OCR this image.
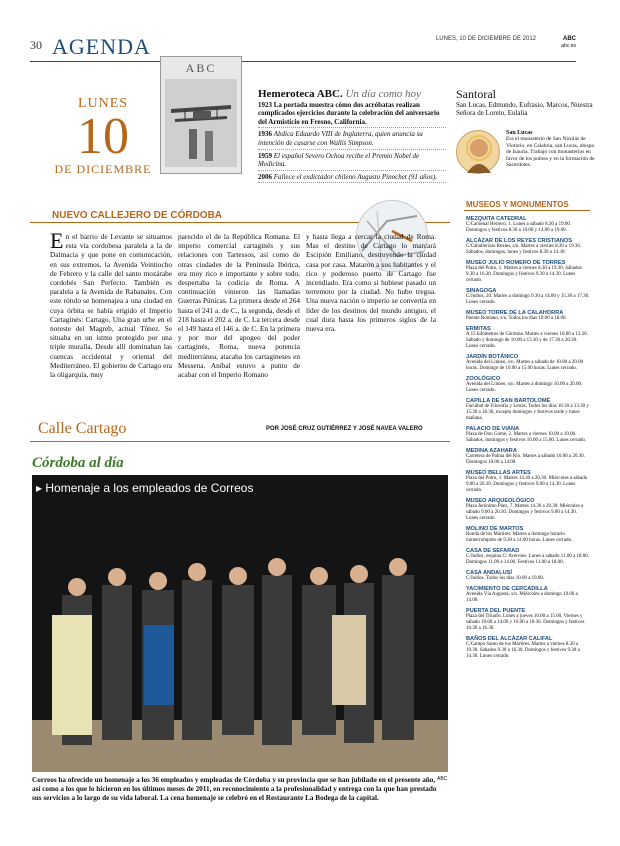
30 AGENDA	LUNES, 10 DE DICIEMBRE DE 2012	ABC
abc.es
LUNES
10
DE DICIEMBRE
ABC
Hemeroteca ABC. Un día como hoy
1923 La portada muestra cómo dos acróbatas realizan complicados ejercicios durante la celebración del aniversario del Armisticio en Fresno, California.
1936 Abdica Eduardo VIII de Inglaterra, quien anuncia su intención de casarse con Wallis Simpson.
1959 El español Severo Ochoa recibe el Premio Nobel de Medicina.
2006 Fallece el exdictador chileno Augusto Pinochet (91 años).
Santoral
San Lucas, Edmundo, Eufrasio, Marcos, Nuestra Señora de Loreto, Eulalia
San Lucas
Era el monasterio de San Nicolás de Viotorio, en Calabria, san Lucas, obispo de Isauria. Trabajó con monasterios en favor de los pobres y en la formación de Sacerdotes.
NUEVO CALLEJERO DE CÓRDOBA
En el barrio de Levante se situamos esta vía cordobesa paralela a la de Dalmacia y que pone en comunicación, en sus extremos, la Avenida Veintiocho de Febrero y la calle del santo mozárabe cordobés San Perfecto. También es paralela a la Avenida de Rabanales. Con este rótulo se homenajea a una ciudad en cuya órbita se había erigido el Imperio Cartaginés: Cartago. Una gran urbe en el noreste del Magreb, actual Túnez. Se situaba en un istmo protegido por una triple muralla. Desde allí dominaban las cuencas occidental y oriental del Mediterráneo. El gobierno de Cartago era la oligarquía, muy
parecido el de la República Romana. El imperio comercial cartaginés y sus relaciones con Tartessos, así como de otras ciudades de la Península Ibérica, era muy rico e importante y sobre todo, despertaba la codicia de Roma. A continuación vinieron las llamadas Guerras Púnicas. La primera desde el 264 hasta el 241 a. de C., la segunda, desde el 218 hasta el 202 a. de C. La tercera desde el 149 hasta el 146 a. de C. En la primera y por mor del apogeo del poder cartaginés, Roma, nueva potencia mediterránea, atacaba los cartagineses en Messena. Aníbal estuvo a punto de acabar con el Imperio Romano
y hasta llega a cercar la ciudad de Roma. Mas el destino de Cartago lo marcará Escipión Emiliano, destruyendo la ciudad casa por casa. Mataron a sus habitantes y el rico y poderoso puerto de Cartago fue incendiado. Era como si hubiese pasado un terremoto por la ciudad. No hubo tregua. Una nueva nación o imperio se convertía en líder de los destinos del mundo antiguo, el cual dura hasta los primeros siglos de la nueva era.
Calle Cartago	POR JOSÉ CRUZ GUTIÉRREZ Y JOSÉ NAVEA VALERO
Córdoba al día
▸ Homenaje a los empleados de Correos
Correos ha ofrecido un homenaje a los 36 empleados y empleadas de Córdoba y su provincia que se han jubilado en el presente año, así como a los que lo hicieron en los últimos meses de 2011, en reconocimiento a la profesionalidad y entrega con la que han prestado sus servicios a lo largo de su vida laboral. La cena homenaje se celebró en el Restaurante La Bodega de la capital.
ABC
MUSEOS Y MONUMENTOS
MEZQUITA CATEDRAL
C/Cardenal Herrero, 1. Lunes a sábado 8.30 a 19.00. Domingos y festivos 8.30 a 10.00 y 14.00 a 19.00.
ALCÁZAR DE LOS REYES CRISTIANOS
C/Caballerizas Reales, s/n. Martes a viernes 8.30 a 19.30. Sábados, domingos, lunes y festivos 8.30 a 14.30.
MUSEO JULIO ROMERO DE TORRES
Plaza del Potro, 1. Martes a viernes 8.30 a 19.30. Sábados 9.30 a 16.30. Domingos y festivos 9.30 a 14.30. Lunes cerrado.
SINAGOGA
C/Judíos, 20. Martes a domingo 9.30 a 14.00 y 15.30 a 17.30. Lunes cerrado.
MUSEO TORRE DE LA CALAHORRA
Puente Romano, s/n. Todos los días 10.00 a 18.00.
ERMITAS
A 15 kilómetros de Córdoba. Martes a viernes 10.00 a 13.30. Sábado y domingo de 10.00 a 13.30 y de 17.30 a 20.30. Lunes cerrado.
JARDÍN BOTÁNICO
Avenida del Linneo, s/n. Martes a sábado de 10.00 a 20.00 horas. Domingo de 10.00 a 15.00 horas. Lunes cerrado.
ZOOLÓGICO
Avenida del Linneo, s/n. Martes a domingo 10.00 a 20.00. Lunes cerrado.
CAPILLA DE SAN BARTOLOMÉ
Facultad de Filosofía y Letras. Todos los días 10.30 a 13.30 y 15.30 a 18.30, excepto domingos y festivos tarde y lunes mañana.
PALACIO DE VIANA
Plaza de Don Gome, 2. Martes a viernes 10.00 a 19.00. Sábados, domingos y festivos 10.00 a 15.00. Lunes cerrado.
MEDINA AZAHARA
Carretera de Palma del Río. Martes a sábado 10.00 a 20.30. Domingos 10.00 a 14.00.
MUSEO BELLAS ARTES
Plaza del Potro, 1. Martes 14.30 a 20.30. Miércoles a sábado 9.00 a 20.30. Domingos y festivos 9.00 a 14.30. Lunes cerrado.
MUSEO ARQUEOLÓGICO
Plaza Jerónimo Páez, 7. Martes 14.30 a 20.30. Miércoles a sábado 9.00 a 20.30. Domingos y festivos 9.00 a 14.30. Lunes cerrado.
MOLINO DE MARTOS
Ronda de los Mártires. Martes a domingo horario ininterrumpido de 9.30 a 14.00 horas. Lunes cerrado.
CASA DE SEFARAD
C/Judíos, esquina C/ Averroes. Lunes a sábado 11.00 a 18.00. Domingos 11.00 a 14.00. Festivos 11.00 a 18.00.
CASA ANDALUSÍ
C/Judíos. Todos los días 10.00 a 19.00.
YACIMIENTO DE CERCADILLA
Avenida Vía Augusta, s/n. Miércoles a domingo 10.00 a 14.00.
PUERTA DEL PUENTE
Plaza del Triunfo. Lunes a jueves 10.00 a 15.00. Viernes y sábado 10.00 a 14.00 y 16.00 a 18.30. Domingos y festivos 10.30 a 16.30.
BAÑOS DEL ALCÁZAR CALIFAL
C/Campo Santo de los Mártires. Martes a viernes 8.30 a 19.30. Sábados 9.30 a 16.30. Domingos y festivos 9.30 a 14.30. Lunes cerrado.
